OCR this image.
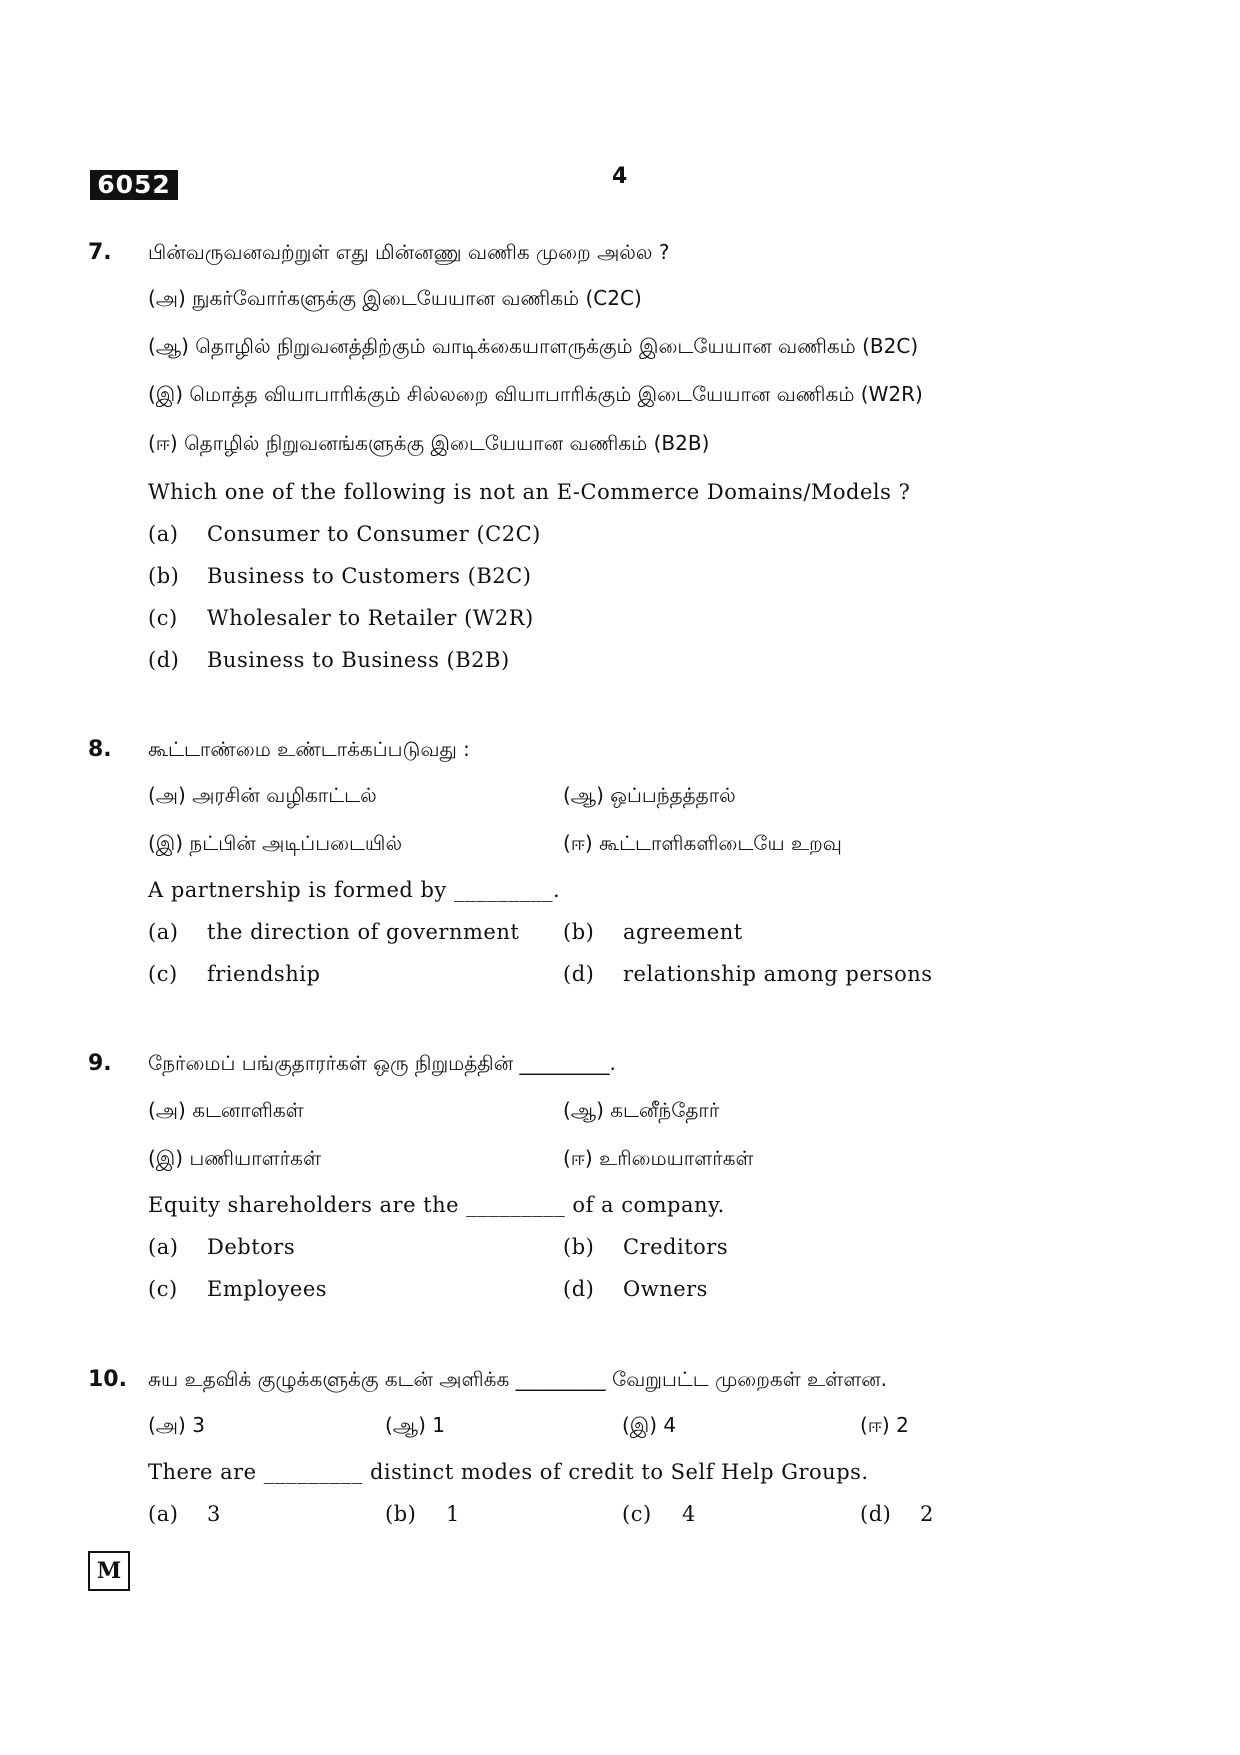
6052	4
7. பின்வருவனவற்றுள் எது மின்னணு வணிக முறை அல்ல ?
(அ) நுகர்வோர்களுக்கு இடையேயான வணிகம் (C2C)
(ஆ) தொழில் நிறுவனத்திற்கும் வாடிக்கையாளருக்கும் இடையேயான வணிகம் (B2C)
(இ) மொத்த வியாபாரிக்கும் சில்லறை வியாபாரிக்கும் இடையேயான வணிகம் (W2R)
(ஈ) தொழில் நிறுவனங்களுக்கு இடையேயான வணிகம் (B2B)
Which one of the following is not an E-Commerce Domains/Models ?
(a) Consumer to Consumer (C2C)
(b) Business to Customers (B2C)
(c) Wholesaler to Retailer (W2R)
(d) Business to Business (B2B)
8. கூட்டாண்மை உண்டாக்கப்படுவது :
(அ) அரசின் வழிகாட்டல்	(ஆ) ஒப்பந்தத்தால்
(இ) நட்பின் அடிப்படையில்	(ஈ) கூட்டாளிகளிடையே உறவு
A partnership is formed by _________.
(a) the direction of government (b) agreement
(c) friendship	(d) relationship among persons
9. நேர்மைப் பங்குதாரர்கள் ஒரு நிறுமத்தின் _________.
(அ) கடனாளிகள்	(ஆ) கடனீந்தோர்
(இ) பணியாளர்கள்	(ஈ) உரிமையாளர்கள்
Equity shareholders are the _________ of a company.
(a) Debtors	(b) Creditors
(c) Employees	(d) Owners
10. சுய உதவிக் குழுக்களுக்கு கடன் அளிக்க _________ வேறுபட்ட முறைகள் உள்ளன.
(அ) 3	(ஆ) 1	(இ) 4	(ஈ) 2
There are _________ distinct modes of credit to Self Help Groups.
(a) 3	(b) 1	(c) 4	(d) 2
M
